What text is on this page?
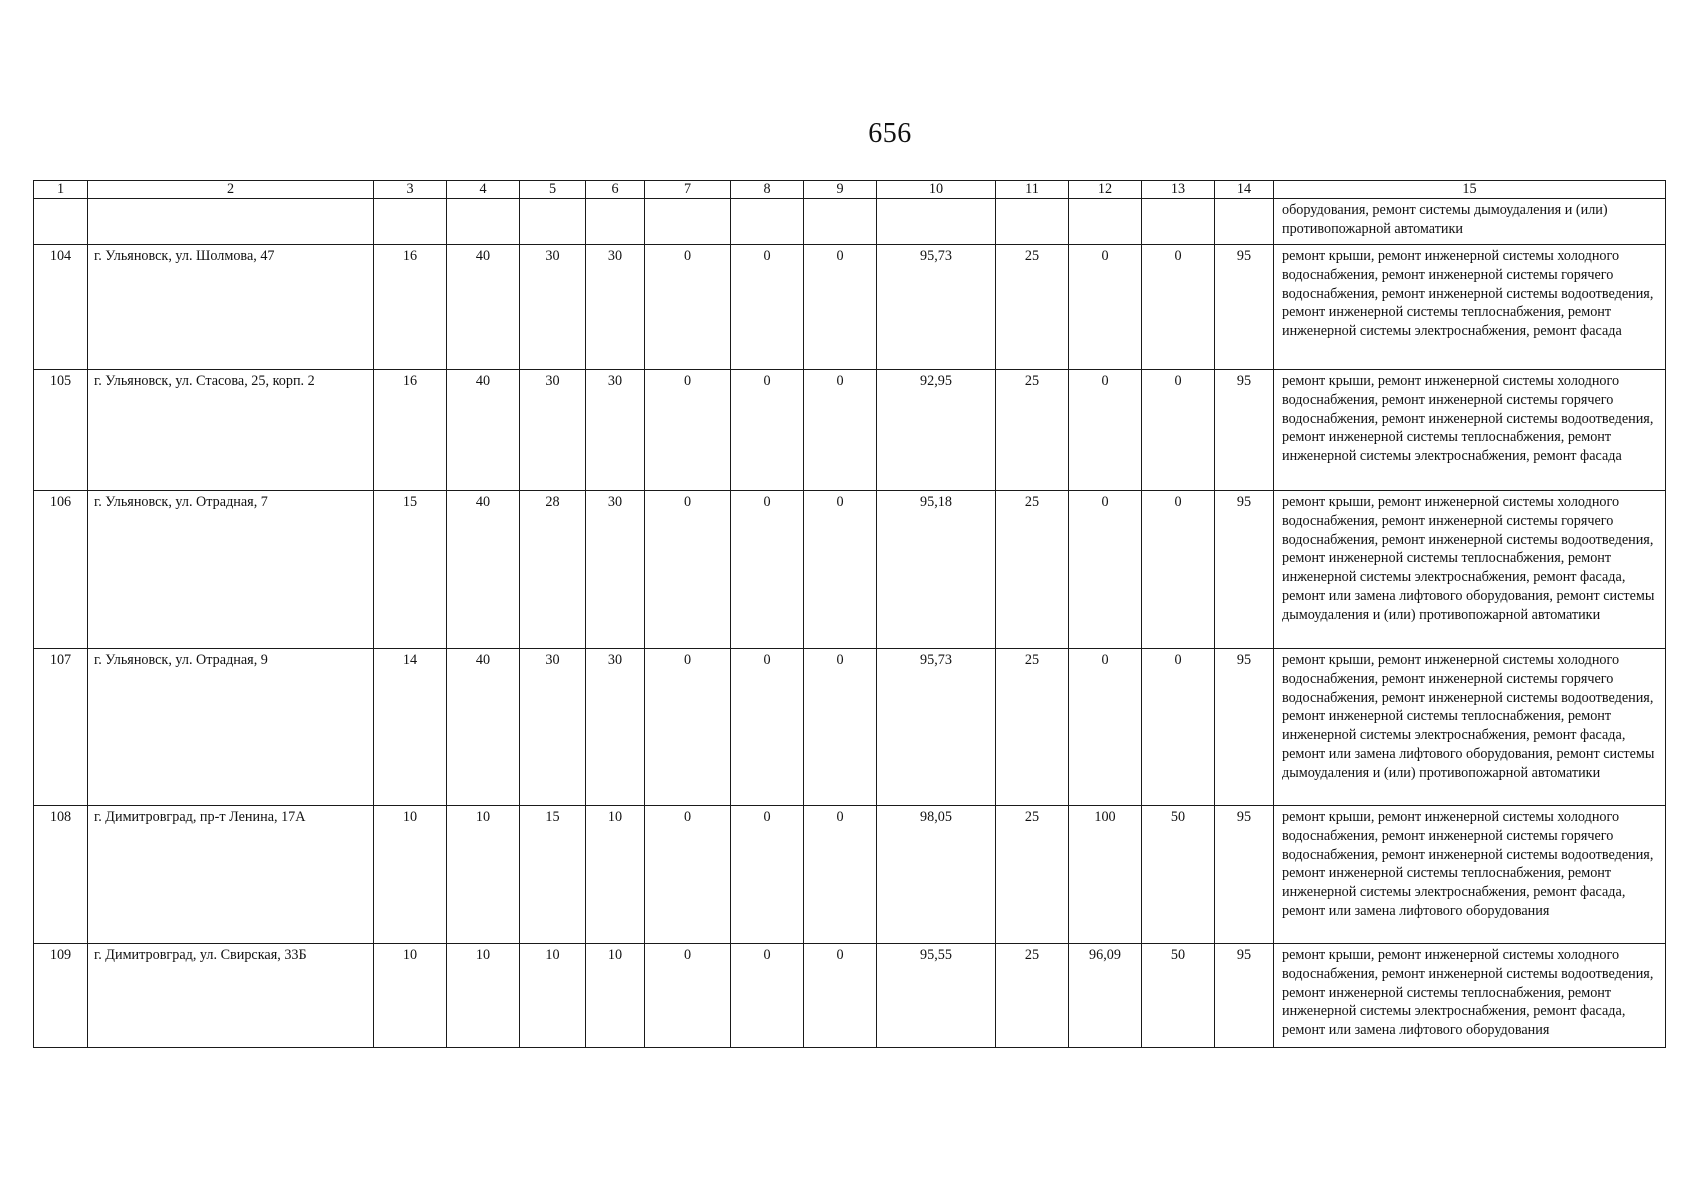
656
1	2	3	4	5	6	7	8	9	10	11	12	13	14	15
														оборудования, ремонт системы дымоудаления и (или) противопожарной автоматики
104	г. Ульяновск, ул. Шолмова, 47	16	40	30	30	0	0	0	95,73	25	0	0	95	ремонт крыши, ремонт инженерной системы холодного водоснабжения, ремонт инженерной системы горячего водоснабжения, ремонт инженерной системы водоотведения, ремонт инженерной системы теплоснабжения, ремонт инженерной системы электроснабжения, ремонт фасада
105	г. Ульяновск, ул. Стасова, 25, корп. 2	16	40	30	30	0	0	0	92,95	25	0	0	95	ремонт крыши, ремонт инженерной системы холодного водоснабжения, ремонт инженерной системы горячего водоснабжения, ремонт инженерной системы водоотведения, ремонт инженерной системы теплоснабжения, ремонт инженерной системы электроснабжения, ремонт фасада
106	г. Ульяновск, ул. Отрадная, 7	15	40	28	30	0	0	0	95,18	25	0	0	95	ремонт крыши, ремонт инженерной системы холодного водоснабжения, ремонт инженерной системы горячего водоснабжения, ремонт инженерной системы водоотведения, ремонт инженерной системы теплоснабжения, ремонт инженерной системы электроснабжения, ремонт фасада, ремонт или замена лифтового оборудования, ремонт системы дымоудаления и (или) противопожарной автоматики
107	г. Ульяновск, ул. Отрадная, 9	14	40	30	30	0	0	0	95,73	25	0	0	95	ремонт крыши, ремонт инженерной системы холодного водоснабжения, ремонт инженерной системы горячего водоснабжения, ремонт инженерной системы водоотведения, ремонт инженерной системы теплоснабжения, ремонт инженерной системы электроснабжения, ремонт фасада, ремонт или замена лифтового оборудования, ремонт системы дымоудаления и (или) противопожарной автоматики
108	г. Димитровград, пр-т Ленина, 17А	10	10	15	10	0	0	0	98,05	25	100	50	95	ремонт крыши, ремонт инженерной системы холодного водоснабжения, ремонт инженерной системы горячего водоснабжения, ремонт инженерной системы водоотведения, ремонт инженерной системы теплоснабжения, ремонт инженерной системы электроснабжения, ремонт фасада, ремонт или замена лифтового оборудования
109	г. Димитровград, ул. Свирская, 33Б	10	10	10	10	0	0	0	95,55	25	96,09	50	95	ремонт крыши, ремонт инженерной системы холодного водоснабжения, ремонт инженерной системы водоотведения, ремонт инженерной системы теплоснабжения, ремонт инженерной системы электроснабжения, ремонт фасада, ремонт или замена лифтового оборудования
